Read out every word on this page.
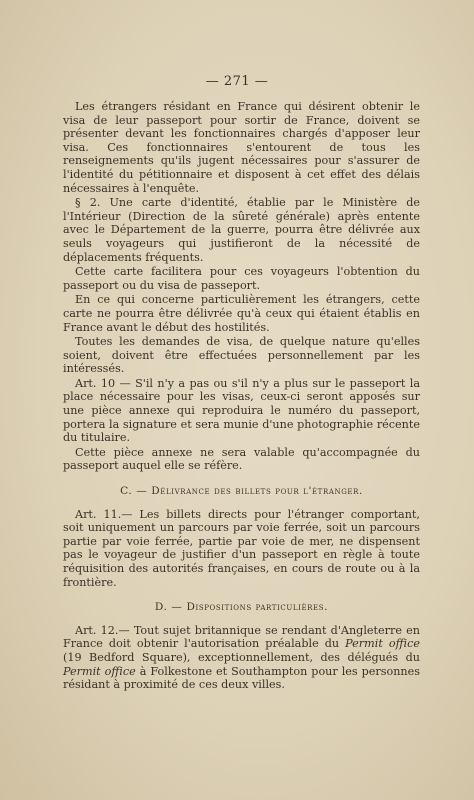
— 271 —

Les étrangers résidant en France qui désirent obtenir le visa de leur passeport pour sortir de France, doivent se présenter devant les fonctionnaires chargés d'apposer leur visa. Ces fonctionnaires s'entourent de tous les renseignements qu'ils jugent nécessaires pour s'assurer de l'identité du pétitionnaire et disposent à cet effet des délais nécessaires à l'enquête.

§ 2. Une carte d'identité, établie par le Ministère de l'Intérieur (Direction de la sûreté générale) après entente avec le Département de la guerre, pourra être délivrée aux seuls voyageurs qui justifieront de la nécessité de déplacements fréquents.

Cette carte facilitera pour ces voyageurs l'obtention du passeport ou du visa de passeport.

En ce qui concerne particulièrement les étrangers, cette carte ne pourra être délivrée qu'à ceux qui étaient établis en France avant le début des hostilités.

Toutes les demandes de visa, de quelque nature qu'elles soient, doivent être effectuées personnellement par les intéressés.

Art. 10 — S'il n'y a pas ou s'il n'y a plus sur le passeport la place nécessaire pour les visas, ceux-ci seront apposés sur une pièce annexe qui reproduira le numéro du passeport, portera la signature et sera munie d'une photographie récente du titulaire.

Cette pièce annexe ne sera valable qu'accompagnée du passeport auquel elle se réfère.

C. — Délivrance des billets pour l'étranger.

Art. 11.— Les billets directs pour l'étranger comportant, soit uniquement un parcours par voie ferrée, soit un parcours partie par voie ferrée, partie par voie de mer, ne dispensent pas le voyageur de justifier d'un passeport en règle à toute réquisition des autorités françaises, en cours de route ou à la frontière.

D. — Dispositions particulières.

Art. 12.— Tout sujet britannique se rendant d'Angleterre en France doit obtenir l'autorisation préalable du Permit office (19 Bedford Square), exceptionnellement, des délégués du Permit office à Folkestone et Southampton pour les personnes résidant à proximité de ces deux villes.
